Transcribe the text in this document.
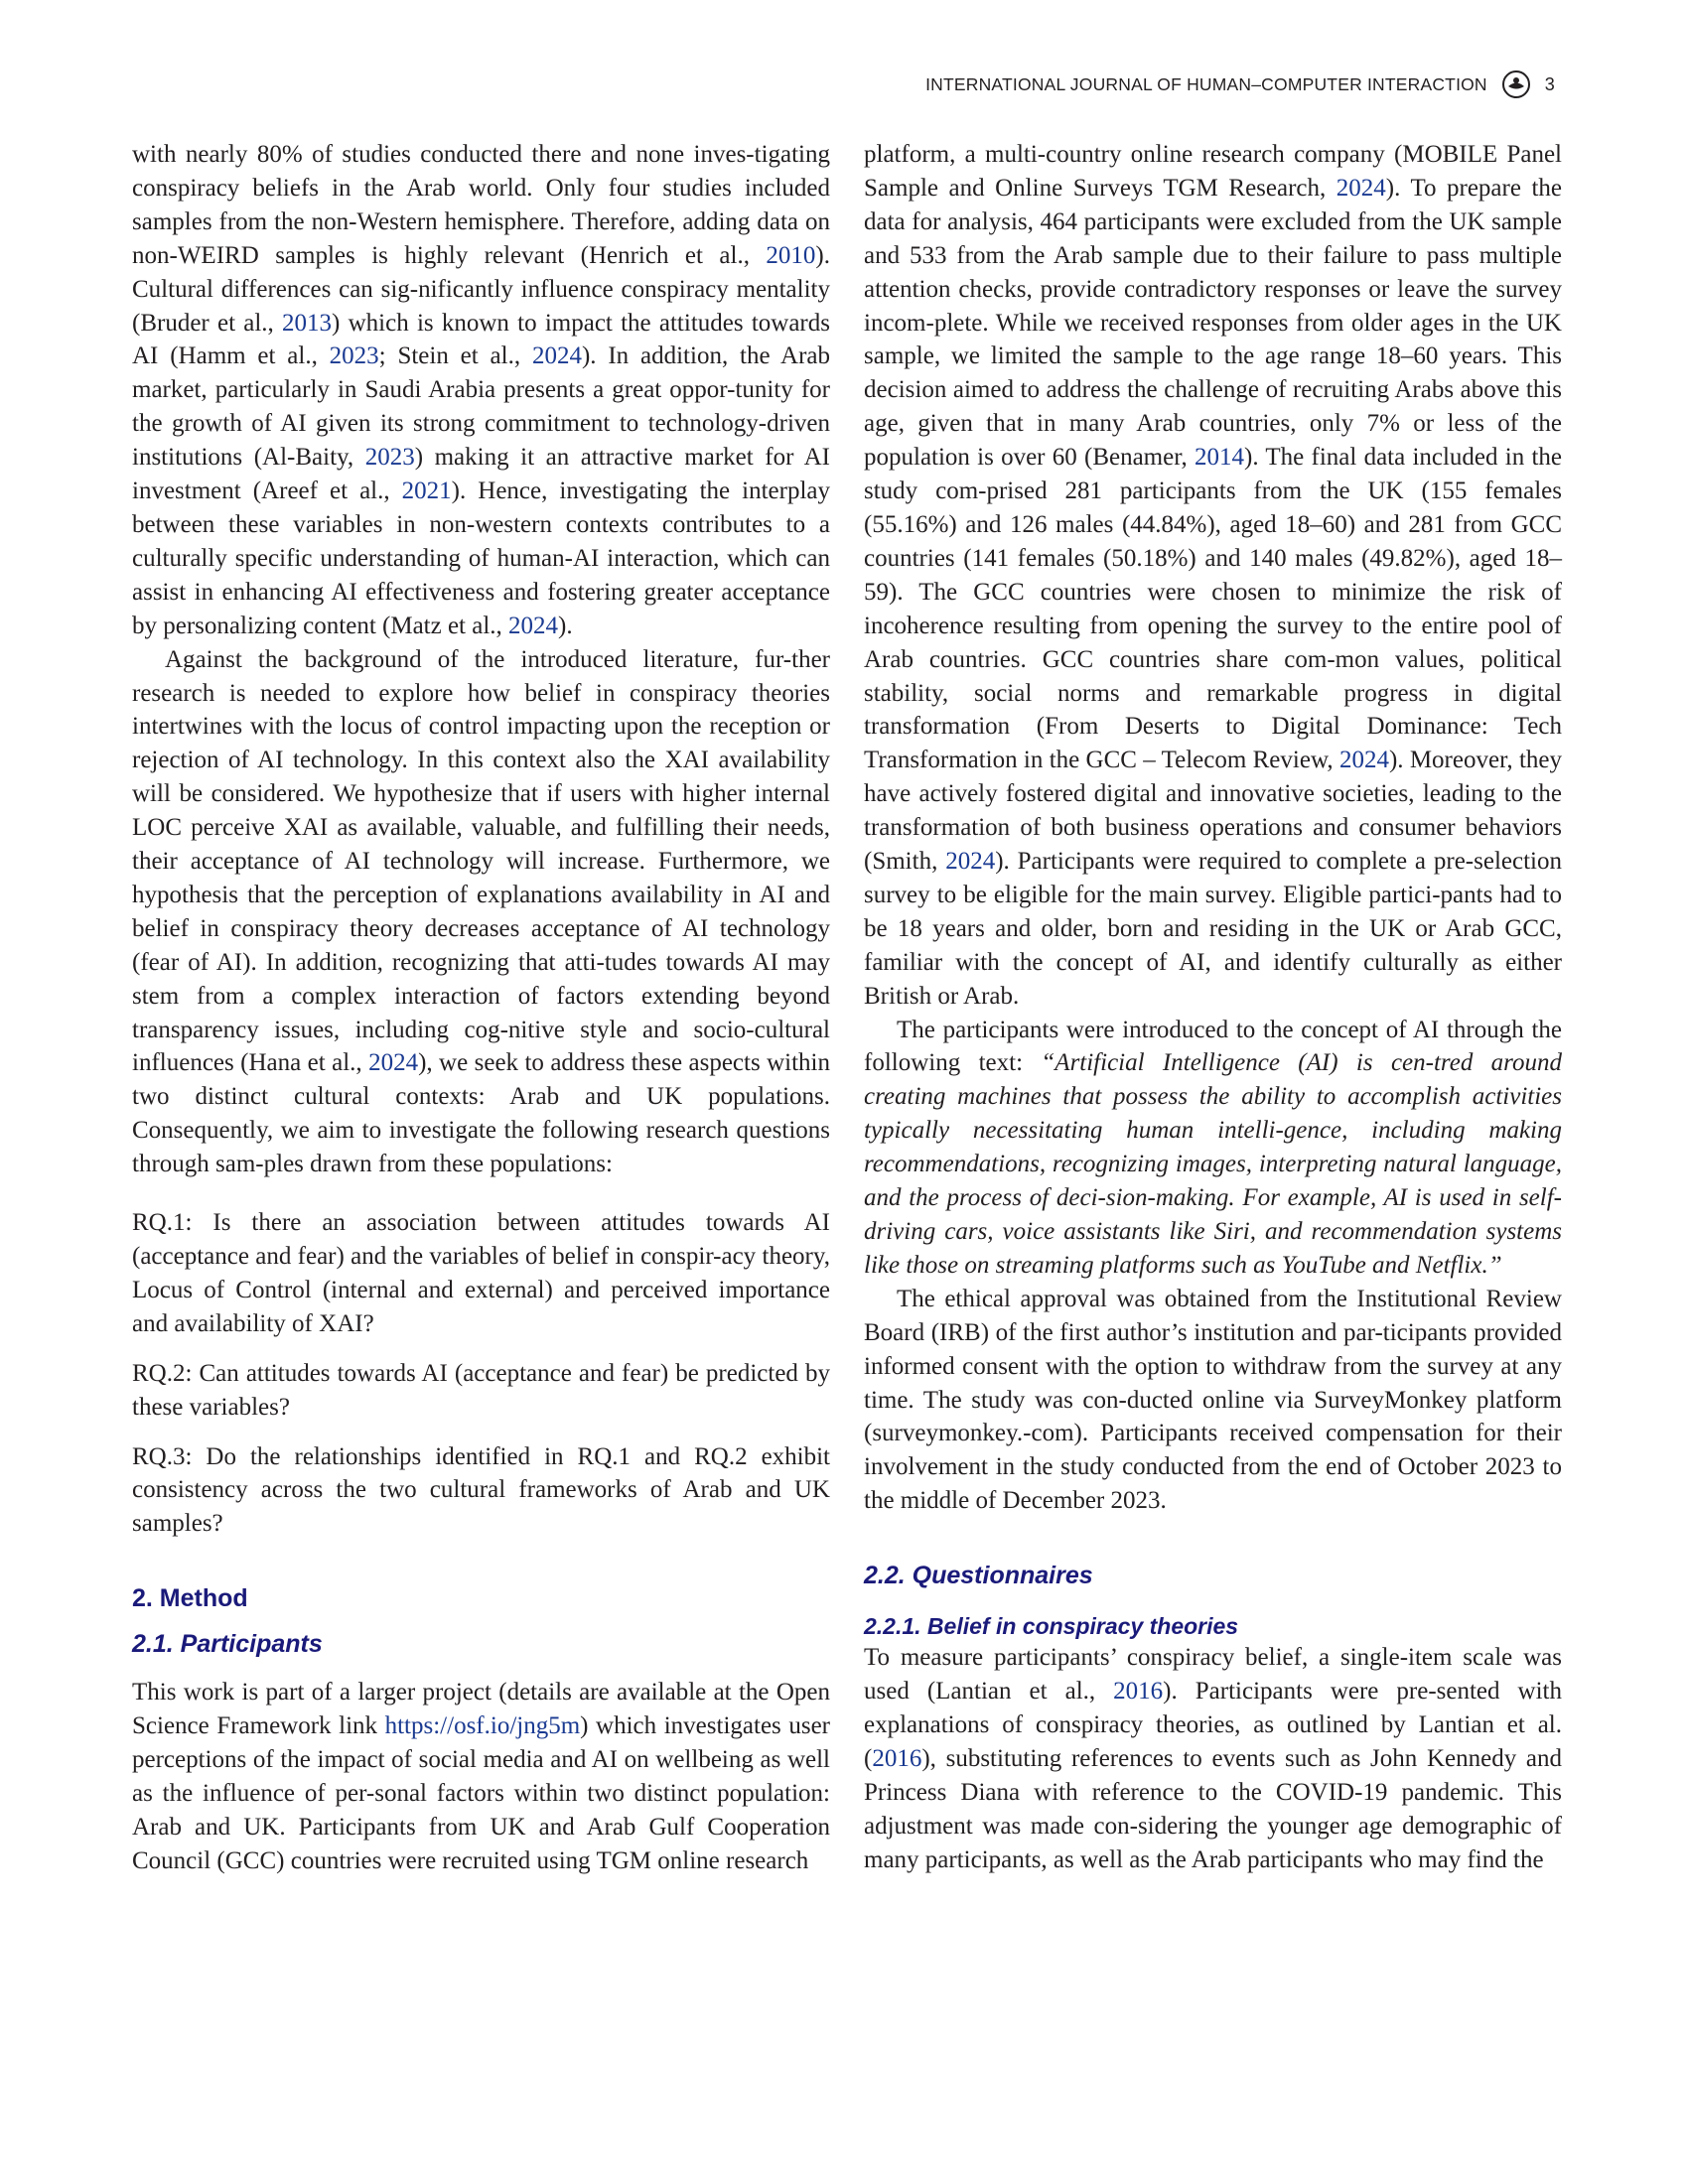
INTERNATIONAL JOURNAL OF HUMAN–COMPUTER INTERACTION	3

with nearly 80% of studies conducted there and none inves-tigating conspiracy beliefs in the Arab world. Only four studies included samples from the non-Western hemisphere. Therefore, adding data on non-WEIRD samples is highly relevant (Henrich et al., 2010). Cultural differences can sig-nificantly influence conspiracy mentality (Bruder et al., 2013) which is known to impact the attitudes towards AI (Hamm et al., 2023; Stein et al., 2024). In addition, the Arab market, particularly in Saudi Arabia presents a great oppor-tunity for the growth of AI given its strong commitment to technology-driven institutions (Al-Baity, 2023) making it an attractive market for AI investment (Areef et al., 2021). Hence, investigating the interplay between these variables in non-western contexts contributes to a culturally specific understanding of human-AI interaction, which can assist in enhancing AI effectiveness and fostering greater acceptance by personalizing content (Matz et al., 2024).

Against the background of the introduced literature, fur-ther research is needed to explore how belief in conspiracy theories intertwines with the locus of control impacting upon the reception or rejection of AI technology. In this context also the XAI availability will be considered. We hypothesize that if users with higher internal LOC perceive XAI as available, valuable, and fulfilling their needs, their acceptance of AI technology will increase. Furthermore, we hypothesis that the perception of explanations availability in AI and belief in conspiracy theory decreases acceptance of AI technology (fear of AI). In addition, recognizing that atti-tudes towards AI may stem from a complex interaction of factors extending beyond transparency issues, including cog-nitive style and socio-cultural influences (Hana et al., 2024), we seek to address these aspects within two distinct cultural contexts: Arab and UK populations. Consequently, we aim to investigate the following research questions through sam-ples drawn from these populations:

RQ.1: Is there an association between attitudes towards AI (acceptance and fear) and the variables of belief in conspir-acy theory, Locus of Control (internal and external) and perceived importance and availability of XAI?

RQ.2: Can attitudes towards AI (acceptance and fear) be predicted by these variables?

RQ.3: Do the relationships identified in RQ.1 and RQ.2 exhibit consistency across the two cultural frameworks of Arab and UK samples?

2. Method
2.1. Participants

This work is part of a larger project (details are available at the Open Science Framework link https://osf.io/jng5m) which investigates user perceptions of the impact of social media and AI on wellbeing as well as the influence of per-sonal factors within two distinct population: Arab and UK. Participants from UK and Arab Gulf Cooperation Council (GCC) countries were recruited using TGM online research

platform, a multi-country online research company (MOBILE Panel Sample and Online Surveys TGM Research, 2024). To prepare the data for analysis, 464 participants were excluded from the UK sample and 533 from the Arab sample due to their failure to pass multiple attention checks, provide contradictory responses or leave the survey incom-plete. While we received responses from older ages in the UK sample, we limited the sample to the age range 18–60 years. This decision aimed to address the challenge of recruiting Arabs above this age, given that in many Arab countries, only 7% or less of the population is over 60 (Benamer, 2014). The final data included in the study com-prised 281 participants from the UK (155 females (55.16%) and 126 males (44.84%), aged 18–60) and 281 from GCC countries (141 females (50.18%) and 140 males (49.82%), aged 18–59). The GCC countries were chosen to minimize the risk of incoherence resulting from opening the survey to the entire pool of Arab countries. GCC countries share com-mon values, political stability, social norms and remarkable progress in digital transformation (From Deserts to Digital Dominance: Tech Transformation in the GCC – Telecom Review, 2024). Moreover, they have actively fostered digital and innovative societies, leading to the transformation of both business operations and consumer behaviors (Smith, 2024). Participants were required to complete a pre-selection survey to be eligible for the main survey. Eligible partici-pants had to be 18 years and older, born and residing in the UK or Arab GCC, familiar with the concept of AI, and identify culturally as either British or Arab.

The participants were introduced to the concept of AI through the following text: “Artificial Intelligence (AI) is cen-tred around creating machines that possess the ability to accomplish activities typically necessitating human intelli-gence, including making recommendations, recognizing images, interpreting natural language, and the process of deci-sion-making. For example, AI is used in self-driving cars, voice assistants like Siri, and recommendation systems like those on streaming platforms such as YouTube and Netflix.”

The ethical approval was obtained from the Institutional Review Board (IRB) of the first author’s institution and par-ticipants provided informed consent with the option to withdraw from the survey at any time. The study was con-ducted online via SurveyMonkey platform (surveymonkey.-com). Participants received compensation for their involvement in the study conducted from the end of October 2023 to the middle of December 2023.

2.2. Questionnaires
2.2.1. Belief in conspiracy theories

To measure participants’ conspiracy belief, a single-item scale was used (Lantian et al., 2016). Participants were pre-sented with explanations of conspiracy theories, as outlined by Lantian et al. (2016), substituting references to events such as John Kennedy and Princess Diana with reference to the COVID-19 pandemic. This adjustment was made con-sidering the younger age demographic of many participants, as well as the Arab participants who may find the
